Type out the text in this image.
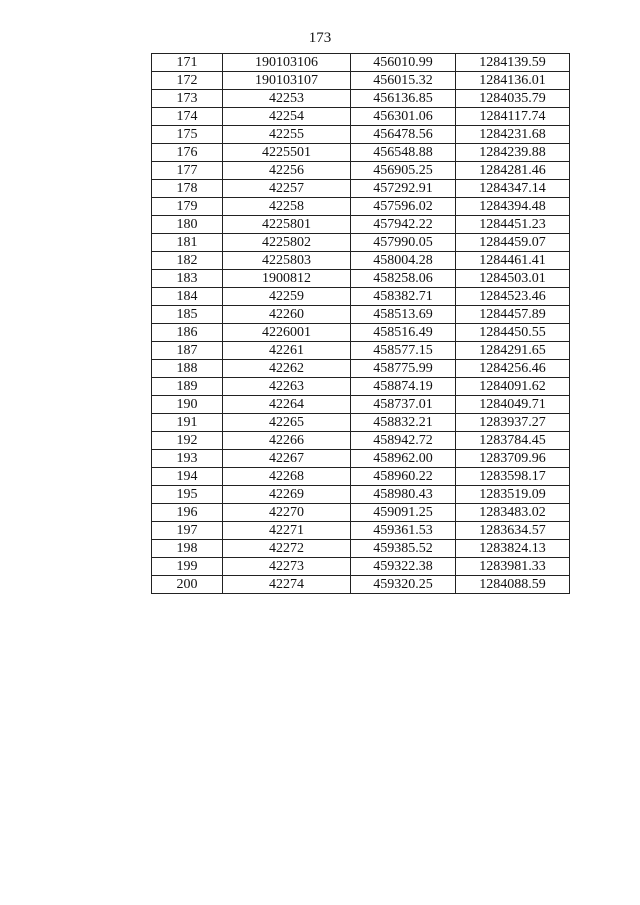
173
171	190103106	456010.99	1284139.59
172	190103107	456015.32	1284136.01
173	42253	456136.85	1284035.79
174	42254	456301.06	1284117.74
175	42255	456478.56	1284231.68
176	4225501	456548.88	1284239.88
177	42256	456905.25	1284281.46
178	42257	457292.91	1284347.14
179	42258	457596.02	1284394.48
180	4225801	457942.22	1284451.23
181	4225802	457990.05	1284459.07
182	4225803	458004.28	1284461.41
183	1900812	458258.06	1284503.01
184	42259	458382.71	1284523.46
185	42260	458513.69	1284457.89
186	4226001	458516.49	1284450.55
187	42261	458577.15	1284291.65
188	42262	458775.99	1284256.46
189	42263	458874.19	1284091.62
190	42264	458737.01	1284049.71
191	42265	458832.21	1283937.27
192	42266	458942.72	1283784.45
193	42267	458962.00	1283709.96
194	42268	458960.22	1283598.17
195	42269	458980.43	1283519.09
196	42270	459091.25	1283483.02
197	42271	459361.53	1283634.57
198	42272	459385.52	1283824.13
199	42273	459322.38	1283981.33
200	42274	459320.25	1284088.59
